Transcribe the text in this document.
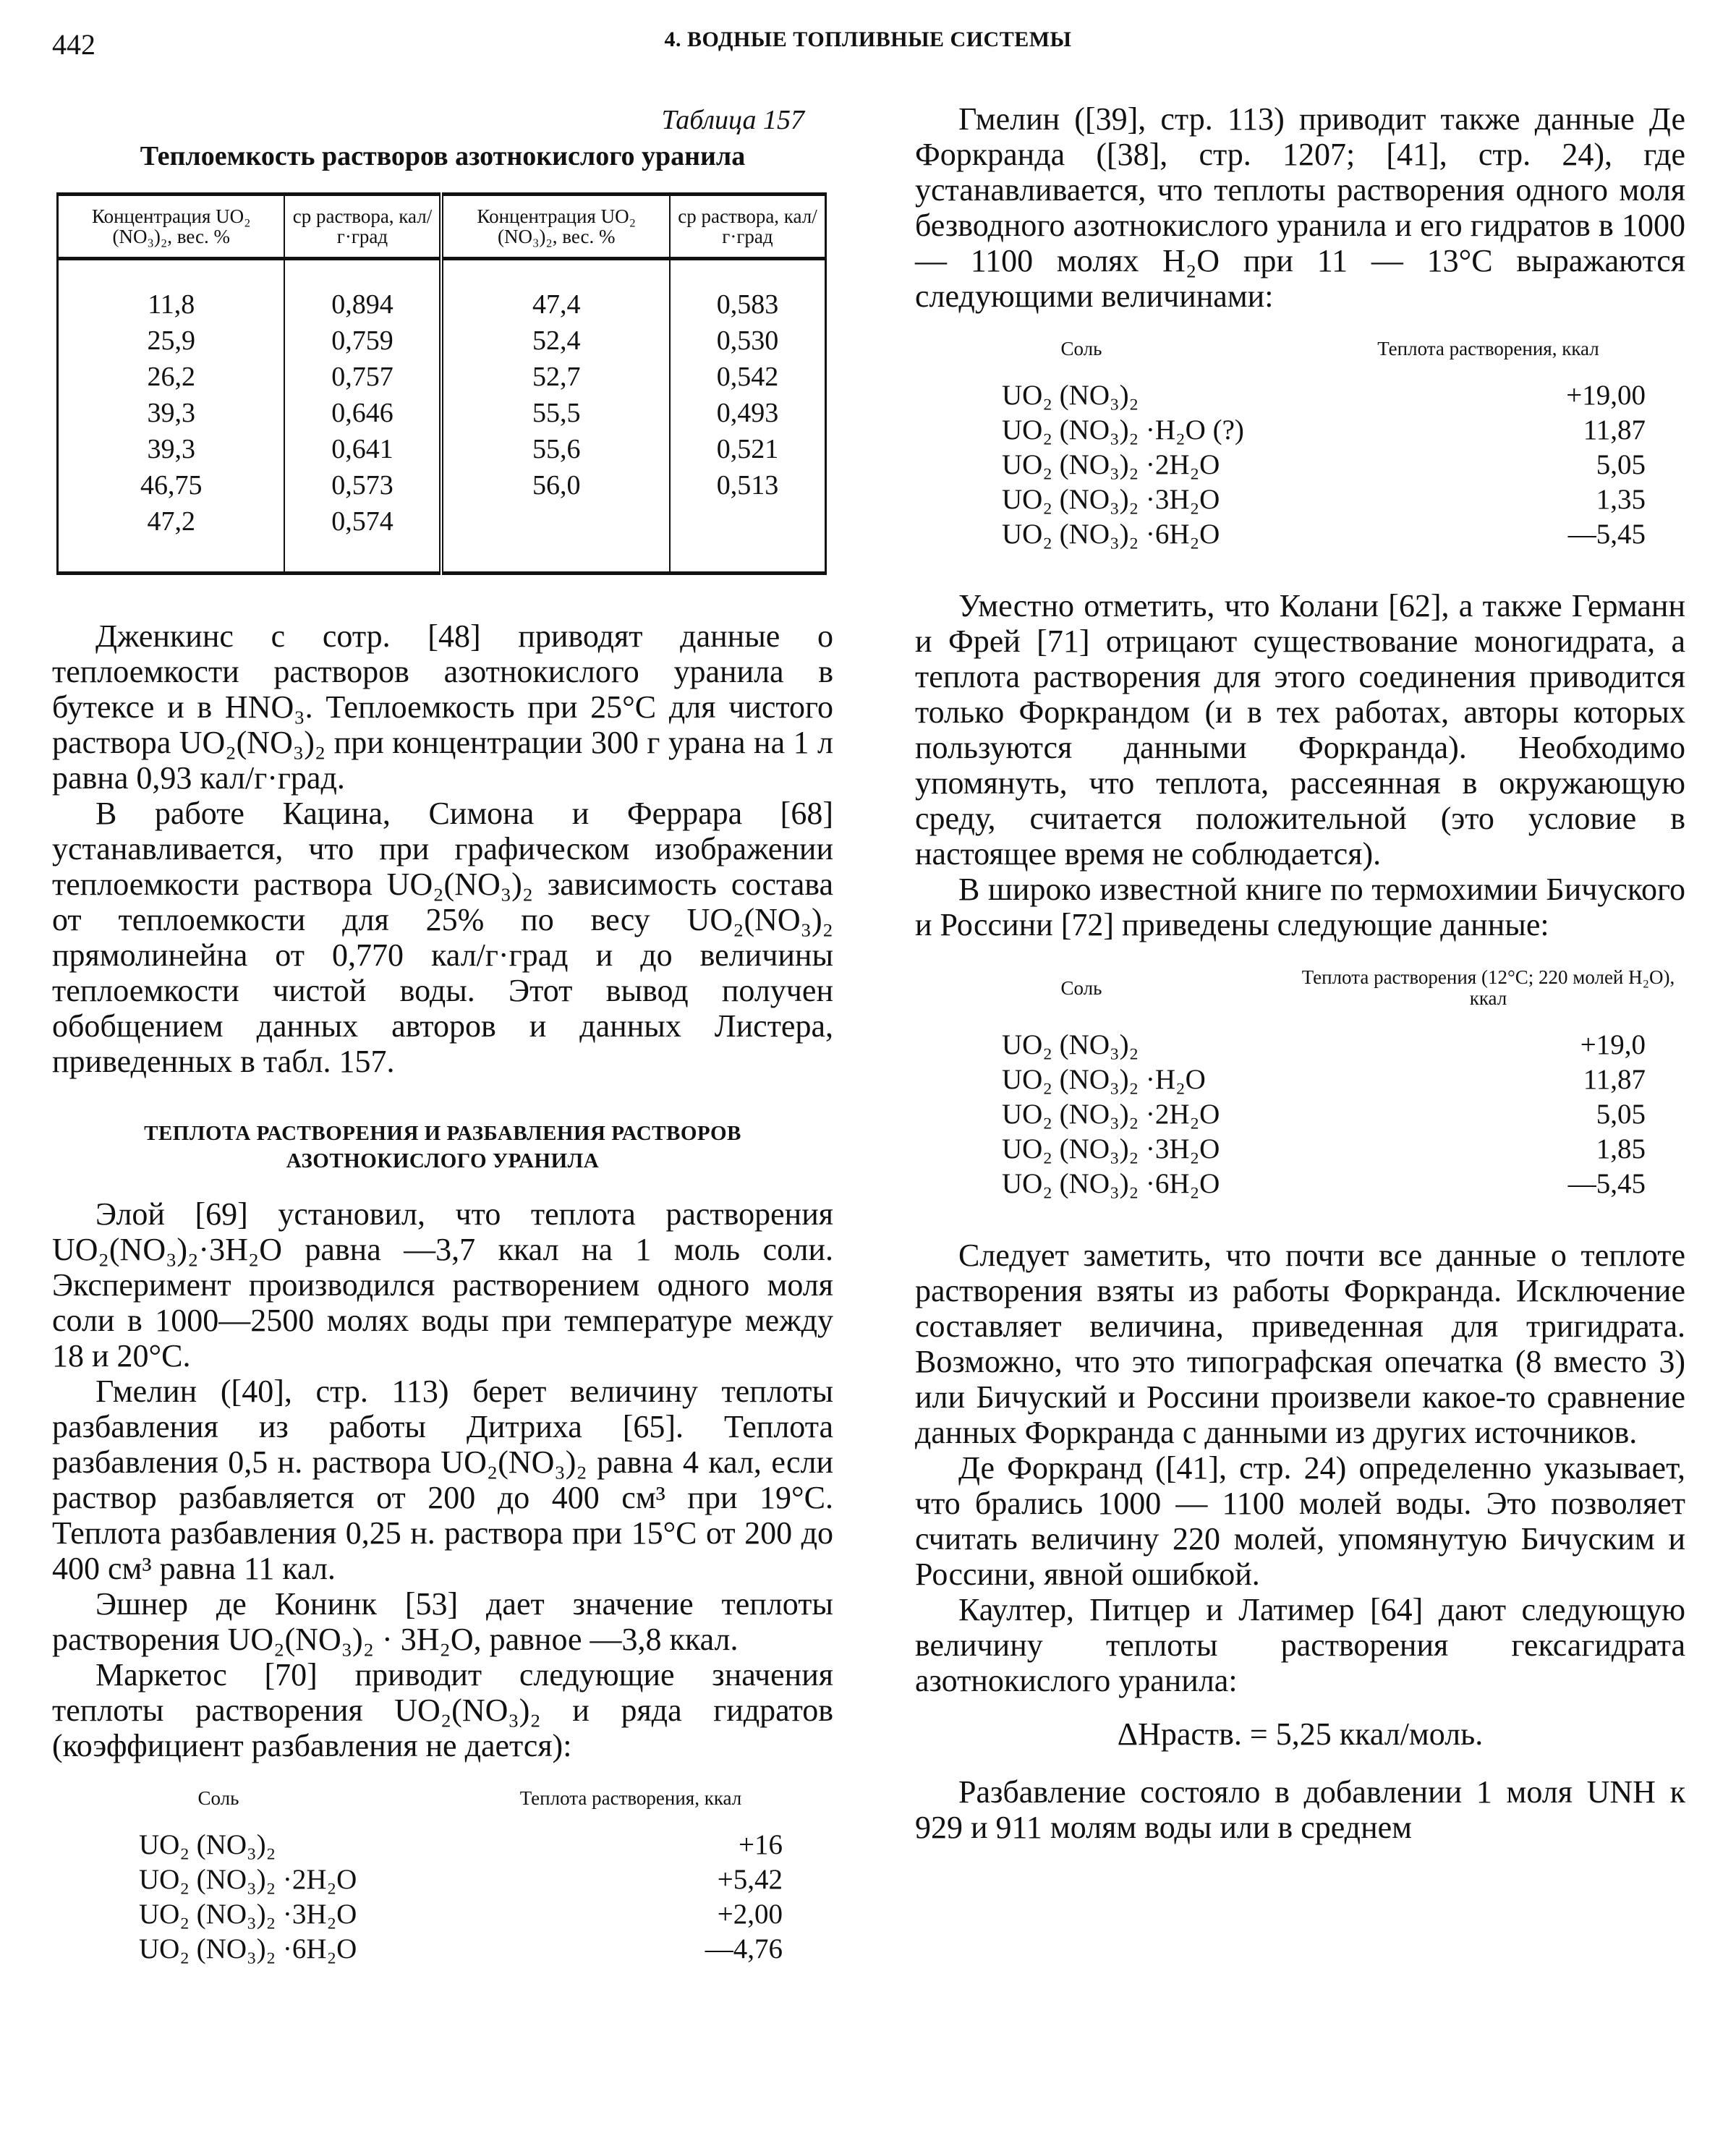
442	4. ВОДНЫЕ ТОПЛИВНЫЕ СИСТЕМЫ
Таблица 157
Теплоемкость растворов азотнокислого уранила
Концентрация UO₂ (NO₃)₂, вес. %	cp раствора, кал/г·град	Концентрация UO₂ (NO₃)₂, вес. %	cp раствора, кал/г·град
11,8	0,894	47,4	0,583
25,9	0,759	52,4	0,530
26,2	0,757	52,7	0,542
39,3	0,646	55,5	0,493
39,3	0,641	55,6	0,521
46,75	0,573	56,0	0,513
47,2	0,574		

Дженкинс с сотр. [48] приводят данные о теплоемкости растворов азотнокислого уранила в бутексе и в HNO₃. Теплоемкость при 25°С для чистого раствора UO₂(NO₃)₂ при концентрации 300 г урана на 1 л равна 0,93 кал/г·град.

В работе Кацина, Симона и Феррара [68] устанавливается, что при графическом изображении теплоемкости раствора UO₂(NO₃)₂ зависимость состава от теплоемкости для 25% по весу UO₂(NO₃)₂ прямолинейна от 0,770 кал/г·град и до величины теплоемкости чистой воды. Этот вывод получен обобщением данных авторов и данных Листера, приведенных в табл. 157.

ТЕПЛОТА РАСТВОРЕНИЯ И РАЗБАВЛЕНИЯ РАСТВОРОВ АЗОТНОКИСЛОГО УРАНИЛА

Элой [69] установил, что теплота растворения UO₂(NO₃)₂·3H₂O равна —3,7 ккал на 1 моль соли. Эксперимент производился растворением одного моля соли в 1000—2500 молях воды при температуре между 18 и 20°С.

Гмелин ([40], стр. 113) берет величину теплоты разбавления из работы Дитриха [65]. Теплота разбавления 0,5 н. раствора UO₂(NO₃)₂ равна 4 кал, если раствор разбавляется от 200 до 400 см³ при 19°С. Теплота разбавления 0,25 н. раствора при 15°С от 200 до 400 см³ равна 11 кал.

Эшнер де Конинк [53] дает значение теплоты растворения UO₂(NO₃)₂ · 3H₂O, равное —3,8 ккал.

Маркетос [70] приводит следующие значения теплоты растворения UO₂(NO₃)₂ и ряда гидратов (коэффициент разбавления не дается):

Соль	Теплота растворения, ккал
UO₂ (NO₃)₂	+16
UO₂ (NO₃)₂ ·2H₂O	+5,42
UO₂ (NO₃)₂ ·3H₂O	+2,00
UO₂ (NO₃)₂ ·6H₂O	—4,76

Гмелин ([39], стр. 113) приводит также данные Де Форкранда ([38], стр. 1207; [41], стр. 24), где устанавливается, что теплоты растворения одного моля безводного азотнокислого уранила и его гидратов в 1000 — 1100 молях H₂O при 11 — 13°С выражаются следующими величинами:

Соль	Теплота растворения, ккал
UO₂ (NO₃)₂	+19,00
UO₂ (NO₃)₂ ·H₂O (?)	11,87
UO₂ (NO₃)₂ ·2H₂O	5,05
UO₂ (NO₃)₂ ·3H₂O	1,35
UO₂ (NO₃)₂ ·6H₂O	—5,45

Уместно отметить, что Колани [62], а также Германн и Фрей [71] отрицают существование моногидрата, а теплота растворения для этого соединения приводится только Форкрандом (и в тех работах, авторы которых пользуются данными Форкранда). Необходимо упомянуть, что теплота, рассеянная в окружающую среду, считается положительной (это условие в настоящее время не соблюдается).

В широко известной книге по термохимии Бичуского и Россини [72] приведены следующие данные:

Соль	Теплота растворения (12°С; 220 молей H₂O), ккал
UO₂ (NO₃)₂	+19,0
UO₂ (NO₃)₂ ·H₂O	11,87
UO₂ (NO₃)₂ ·2H₂O	5,05
UO₂ (NO₃)₂ ·3H₂O	1,85
UO₂ (NO₃)₂ ·6H₂O	—5,45

Следует заметить, что почти все данные о теплоте растворения взяты из работы Форкранда. Исключение составляет величина, приведенная для тригидрата. Возможно, что это типографская опечатка (8 вместо 3) или Бичуский и Россини произвели какое-то сравнение данных Форкранда с данными из других источников.

Де Форкранд ([41], стр. 24) определенно указывает, что брались 1000 — 1100 молей воды. Это позволяет считать величину 220 молей, упомянутую Бичуским и Россини, явной ошибкой.

Каултер, Питцер и Латимер [64] дают следующую величину теплоты растворения гексагидрата азотнокислого уранила:

ΔHраств. = 5,25 ккал/моль.

Разбавление состояло в добавлении 1 моля UNH к 929 и 911 молям воды или в среднем
